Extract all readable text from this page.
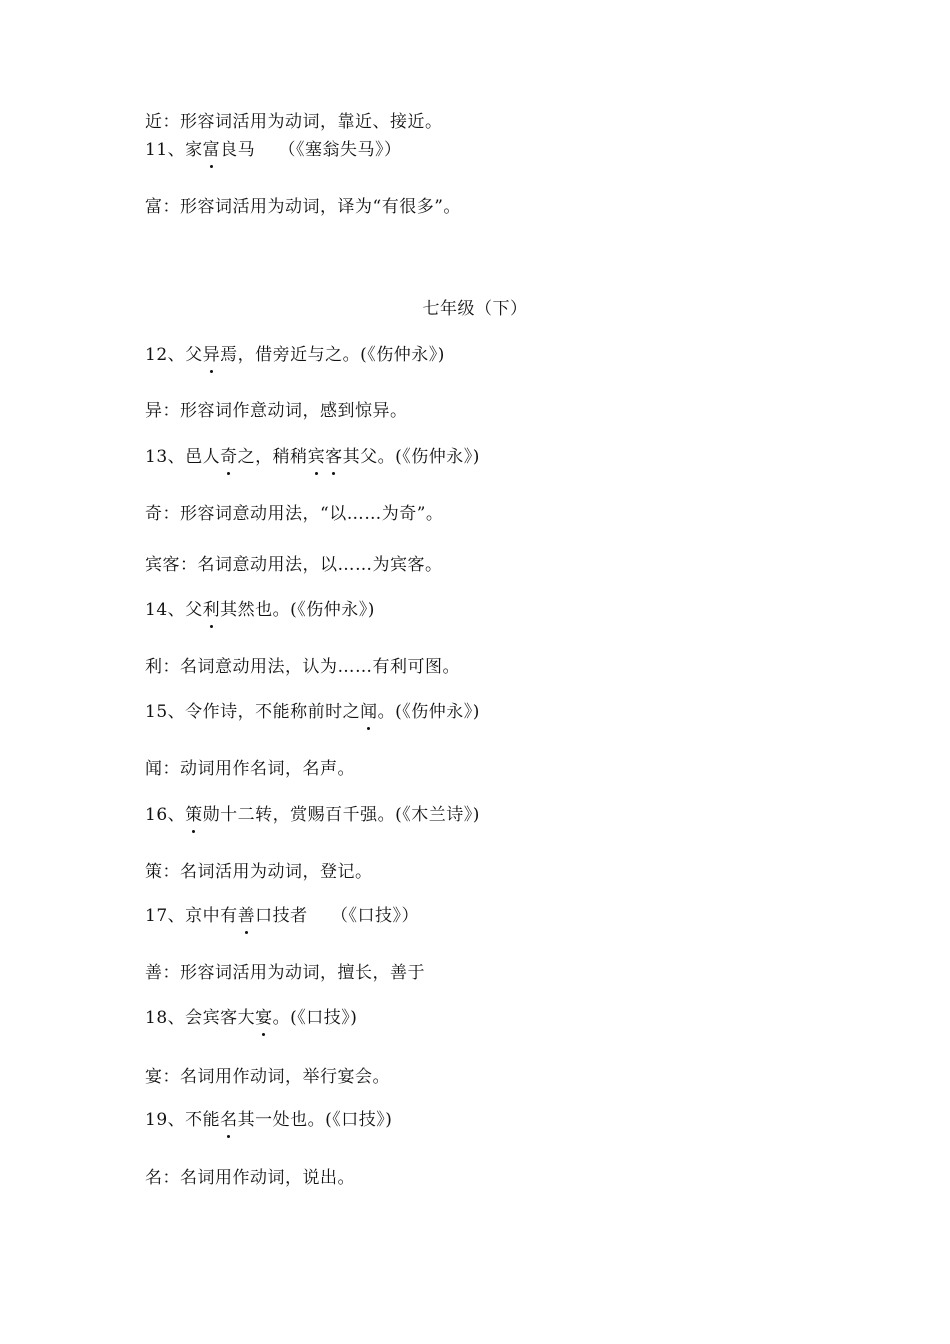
近：形容词活用为动词，靠近、接近。
11、家富良马　 （《塞翁失马》）
富：形容词活用为动词，译为“有很多”。
七年级（下）
12、父异焉，借旁近与之。(《伤仲永》)
异：形容词作意动词，感到惊异。
13、邑人奇之，稍稍宾客其父。(《伤仲永》)
奇：形容词意动用法，“以……为奇”。
宾客：名词意动用法，以……为宾客。
14、父利其然也。(《伤仲永》)
利：名词意动用法，认为……有利可图。
15、令作诗，不能称前时之闻。(《伤仲永》)
闻：动词用作名词，名声。
16、策勋十二转，赏赐百千强。(《木兰诗》)
策：名词活用为动词，登记。
17、京中有善口技者　 （《口技》）
善：形容词活用为动词，擅长，善于
18、会宾客大宴。(《口技》)
宴：名词用作动词，举行宴会。
19、不能名其一处也。(《口技》)
名：名词用作动词，说出。
